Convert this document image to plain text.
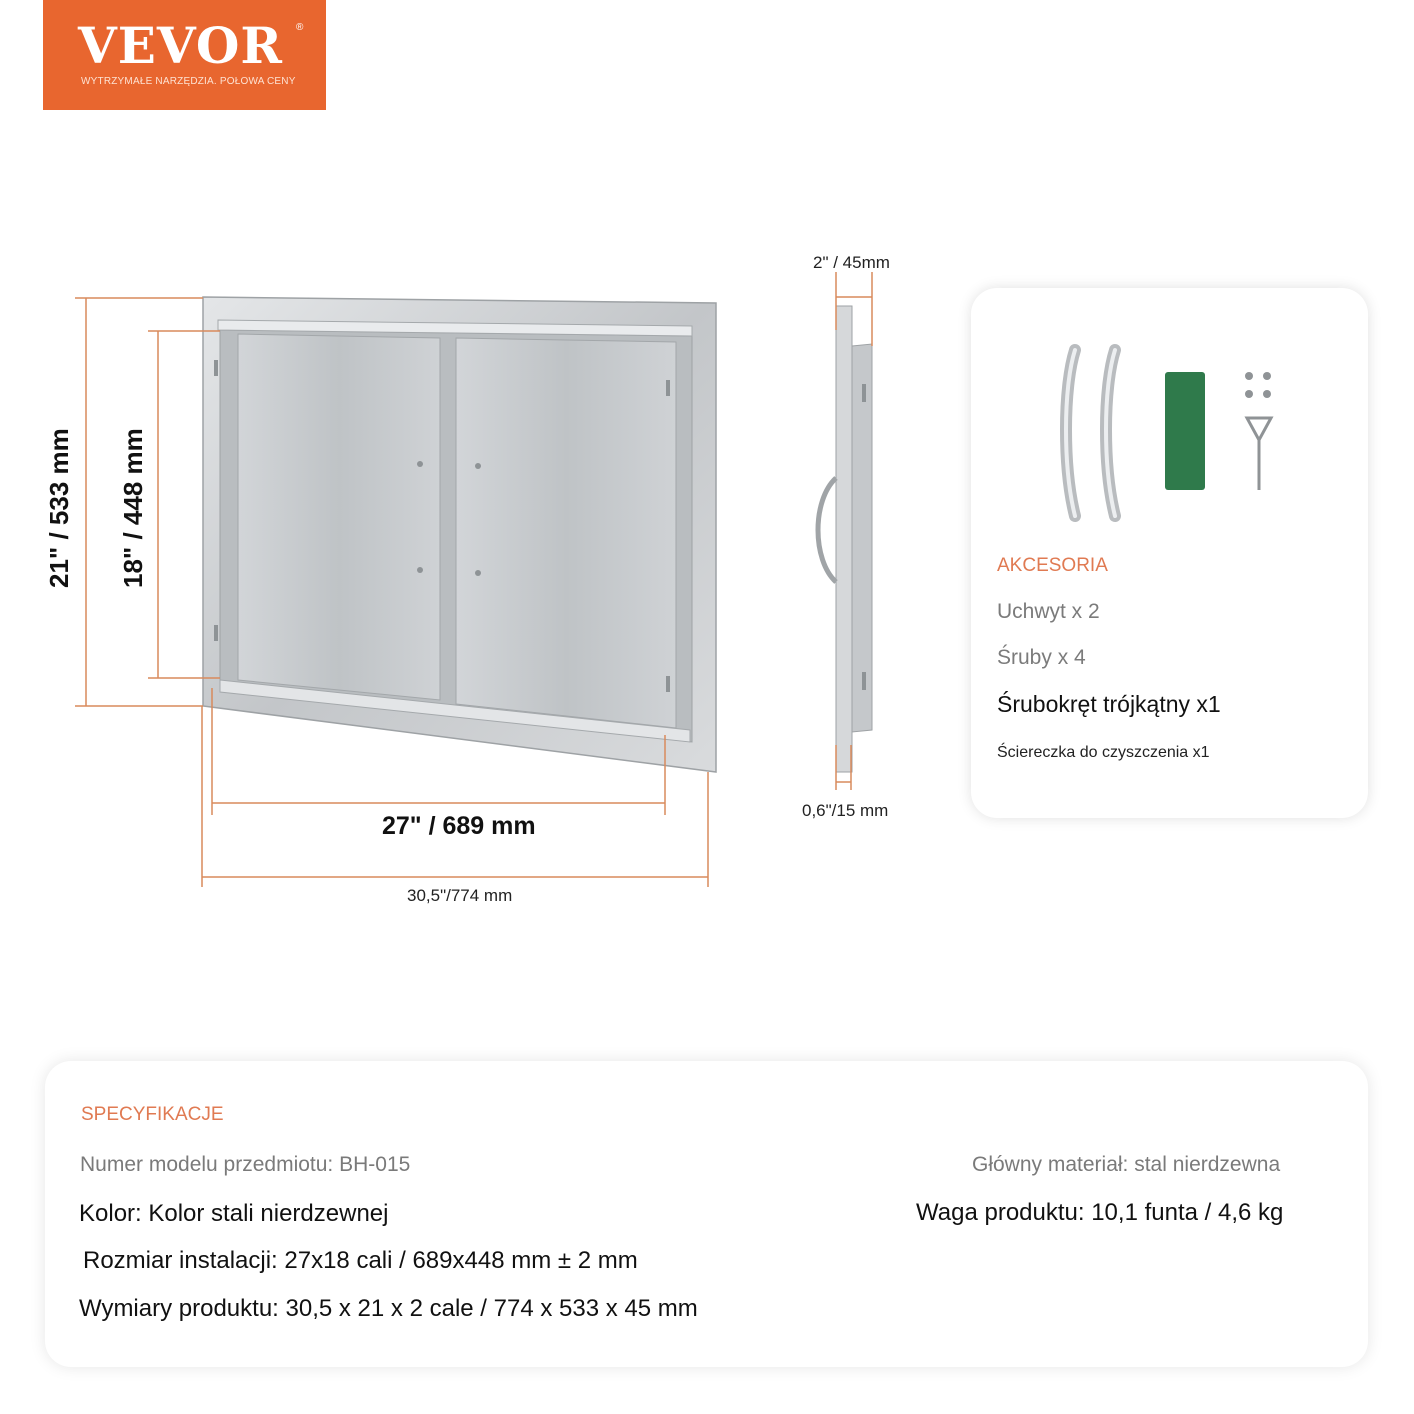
VEVOR ®
WYTRZYMAŁE NARZĘDZIA. POŁOWA CENY
21" / 533 mm 18" / 448 mm
27" / 689 mm
30,5"/774 mm
2" / 45mm
0,6"/15 mm
AKCESORIA
Uchwyt x 2
Śruby x 4
Śrubokręt trójkątny x1
Ściereczka do czyszczenia x1
SPECYFIKACJE
Numer modelu przedmiotu: BH-015	Główny materiał: stal nierdzewna
Kolor: Kolor stali nierdzewnej	Waga produktu: 10,1 funta / 4,6 kg
Rozmiar instalacji: 27x18 cali / 689x448 mm ± 2 mm
Wymiary produktu: 30,5 x 21 x 2 cale / 774 x 533 x 45 mm
